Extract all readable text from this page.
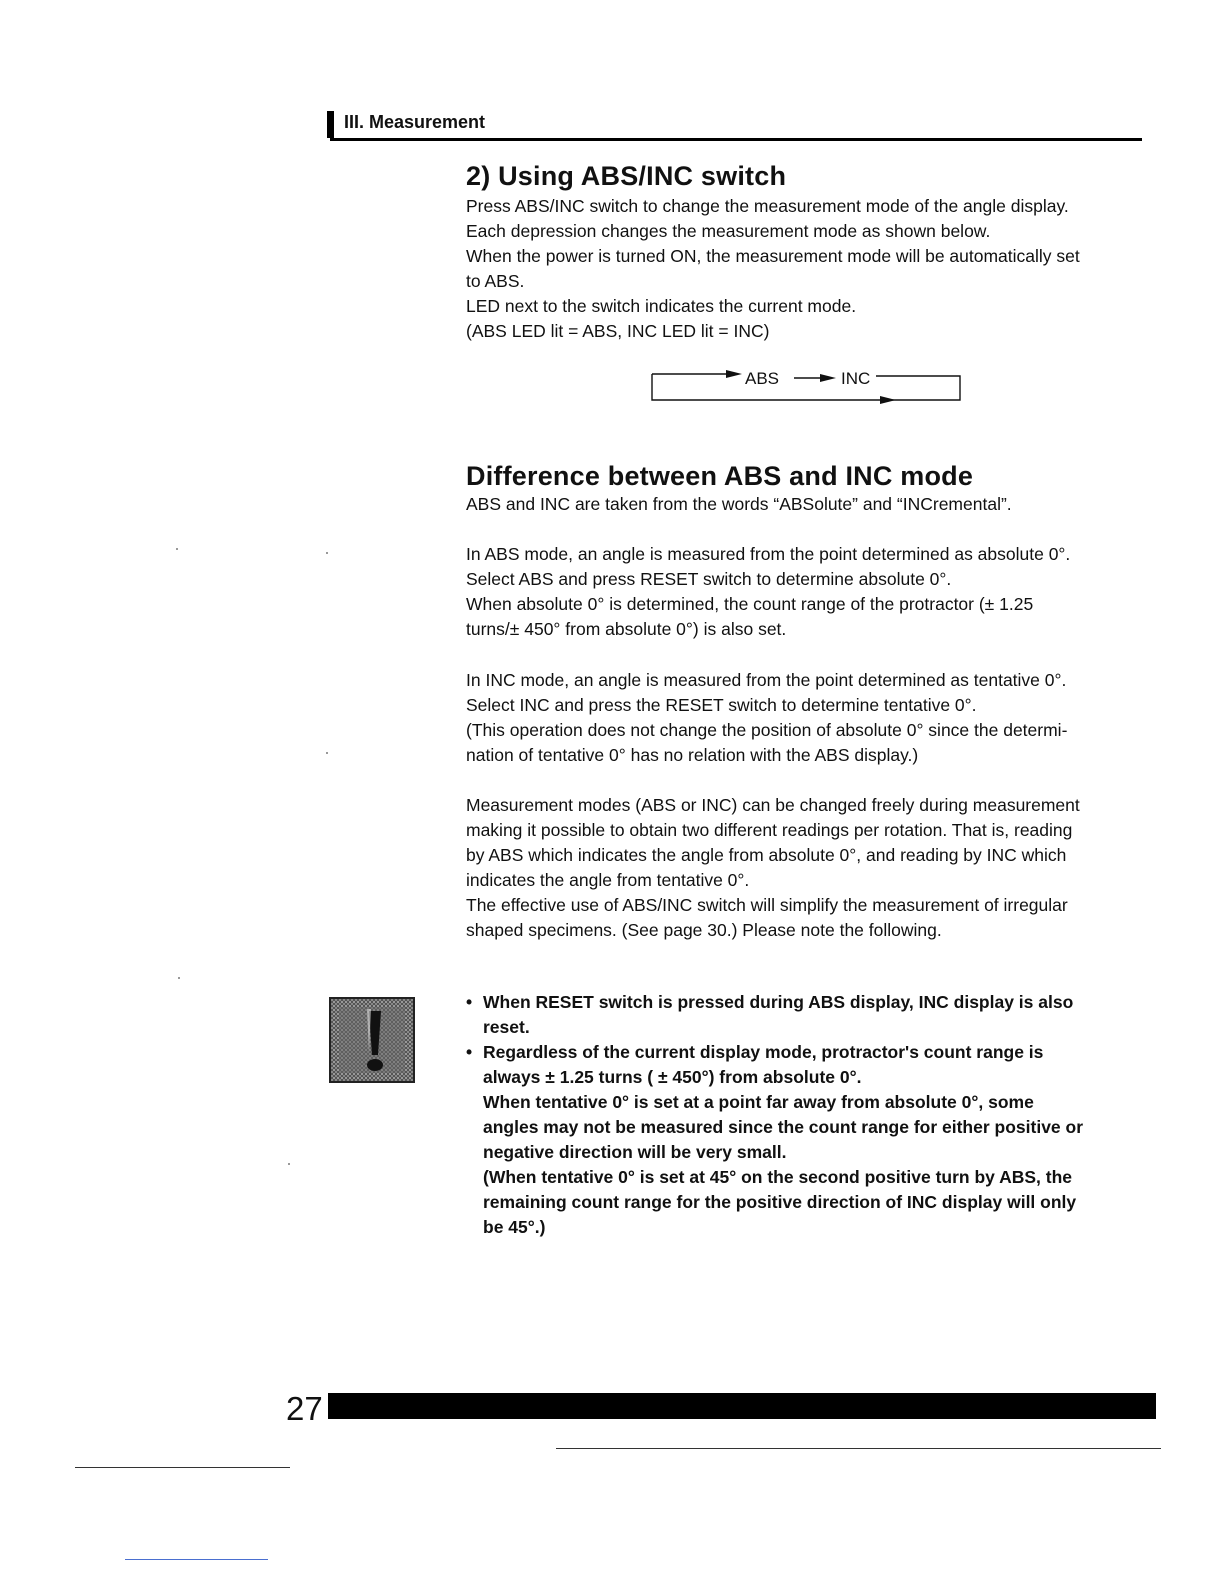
III. Measurement
2) Using ABS/INC switch

Press ABS/INC switch to change the measurement mode of the angle display.

Each depression changes the measurement mode as shown below.

When the power is turned ON, the measurement mode will be automatically set

to ABS.

LED next to the switch indicates the current mode.

(ABS LED lit = ABS, INC LED lit = INC)

ABS	INC
Difference between ABS and INC mode

ABS and INC are taken from the words “ABSolute” and “INCremental”.

In ABS mode, an angle is measured from the point determined as absolute 0°.

Select ABS and press RESET switch to determine absolute 0°.

When absolute 0° is determined, the count range of the protractor (± 1.25

turns/± 450° from absolute 0°) is also set.

In INC mode, an angle is measured from the point determined as tentative 0°.

Select INC and press the RESET switch to determine tentative 0°.

(This operation does not change the position of absolute 0° since the determi-

nation of tentative 0° has no relation with the ABS display.)

Measurement modes (ABS or INC) can be changed freely during measurement

making it possible to obtain two different readings per rotation. That is, reading

by ABS which indicates the angle from absolute 0°, and reading by INC which

indicates the angle from tentative 0°.

The effective use of ABS/INC switch will simplify the measurement of irregular

shaped specimens. (See page 30.) Please note the following.

• When RESET switch is pressed during ABS display, INC display is also

reset.

• Regardless of the current display mode, protractor's count range is

always ± 1.25 turns ( ± 450°) from absolute 0°.

When tentative 0° is set at a point far away from absolute 0°, some

angles may not be measured since the count range for either positive or

negative direction will be very small.

(When tentative 0° is set at 45° on the second positive turn by ABS, the

remaining count range for the positive direction of INC display will only

be 45°.)

27
